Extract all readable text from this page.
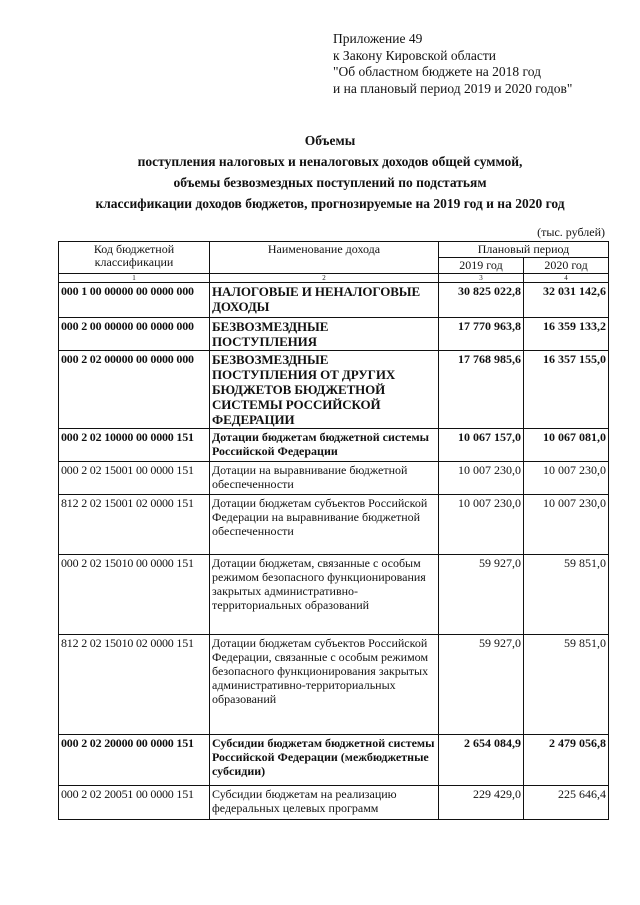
Приложение 49
к Закону Кировской области
"Об областном бюджете на 2018 год
и на плановый период 2019 и 2020 годов"
Объемы
поступления налоговых и неналоговых доходов общей суммой,
объемы безвозмездных поступлений по подстатьям
классификации доходов бюджетов, прогнозируемые на 2019 год и на 2020 год
(тыс. рублей)
Код бюджетной классификации	Наименование дохода	Плановый период	
		2019 год	2020 год
1	2	3	4
000 1 00 00000 00 0000 000	НАЛОГОВЫЕ И НЕНАЛОГОВЫЕ ДОХОДЫ	30 825 022,8	32 031 142,6
000 2 00 00000 00 0000 000	БЕЗВОЗМЕЗДНЫЕ ПОСТУПЛЕНИЯ	17 770 963,8	16 359 133,2
000 2 02 00000 00 0000 000	БЕЗВОЗМЕЗДНЫЕ ПОСТУПЛЕНИЯ ОТ ДРУГИХ БЮДЖЕТОВ БЮДЖЕТНОЙ СИСТЕМЫ РОССИЙСКОЙ ФЕДЕРАЦИИ	17 768 985,6	16 357 155,0
000 2 02 10000 00 0000 151	Дотации бюджетам бюджетной системы Российской Федерации	10 067 157,0	10 067 081,0
000 2 02 15001 00 0000 151	Дотации на выравнивание бюджетной обеспеченности	10 007 230,0	10 007 230,0
812 2 02 15001 02 0000 151	Дотации бюджетам субъектов Российской Федерации на выравнивание бюджетной обеспеченности	10 007 230,0	10 007 230,0
000 2 02 15010 00 0000 151	Дотации бюджетам, связанные с особым режимом безопасного функционирования закрытых административно-территориальных образований	59 927,0	59 851,0
812 2 02 15010 02 0000 151	Дотации бюджетам субъектов Российской Федерации, связанные с особым режимом безопасного функционирования закрытых административно-территориальных образований	59 927,0	59 851,0
000 2 02 20000 00 0000 151	Субсидии бюджетам бюджетной системы Российской Федерации (межбюджетные субсидии)	2 654 084,9	2 479 056,8
000 2 02 20051 00 0000 151	Субсидии бюджетам на реализацию федеральных целевых программ	229 429,0	225 646,4
